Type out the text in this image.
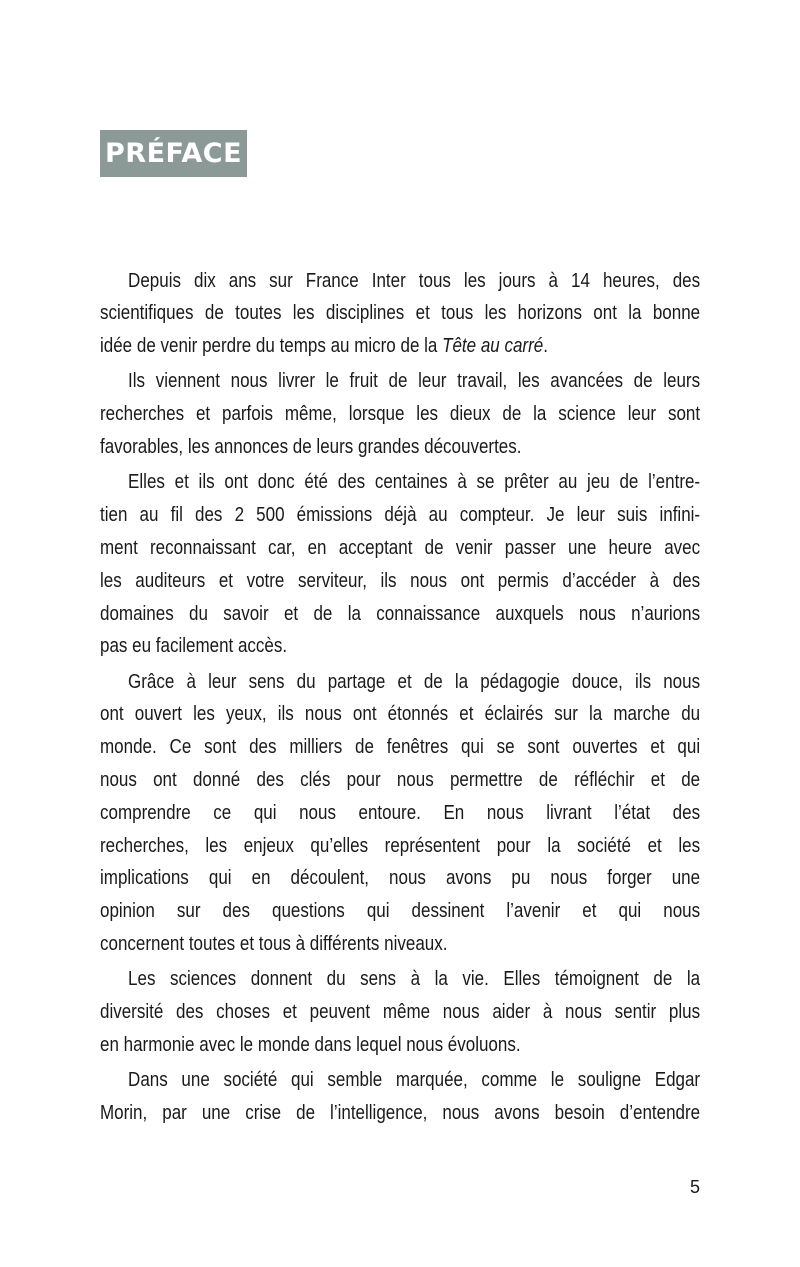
PRÉFACE
Depuis dix ans sur France Inter tous les jours à 14 heures, des
scientifiques de toutes les disciplines et tous les horizons ont la bonne
idée de venir perdre du temps au micro de la Tête au carré.
Ils viennent nous livrer le fruit de leur travail, les avancées de leurs
recherches et parfois même, lorsque les dieux de la science leur sont
favorables, les annonces de leurs grandes découvertes.
Elles et ils ont donc été des centaines à se prêter au jeu de l’entre-
tien au fil des 2 500 émissions déjà au compteur. Je leur suis infini-
ment reconnaissant car, en acceptant de venir passer une heure avec
les auditeurs et votre serviteur, ils nous ont permis d’accéder à des
domaines du savoir et de la connaissance auxquels nous n’aurions
pas eu facilement accès.
Grâce à leur sens du partage et de la pédagogie douce, ils nous
ont ouvert les yeux, ils nous ont étonnés et éclairés sur la marche du
monde. Ce sont des milliers de fenêtres qui se sont ouvertes et qui
nous ont donné des clés pour nous permettre de réfléchir et de
comprendre ce qui nous entoure. En nous livrant l’état des
recherches, les enjeux qu’elles représentent pour la société et les
implications qui en découlent, nous avons pu nous forger une
opinion sur des questions qui dessinent l’avenir et qui nous
concernent toutes et tous à différents niveaux.
Les sciences donnent du sens à la vie. Elles témoignent de la
diversité des choses et peuvent même nous aider à nous sentir plus
en harmonie avec le monde dans lequel nous évoluons.
Dans une société qui semble marquée, comme le souligne Edgar
Morin, par une crise de l’intelligence, nous avons besoin d’entendre
5
